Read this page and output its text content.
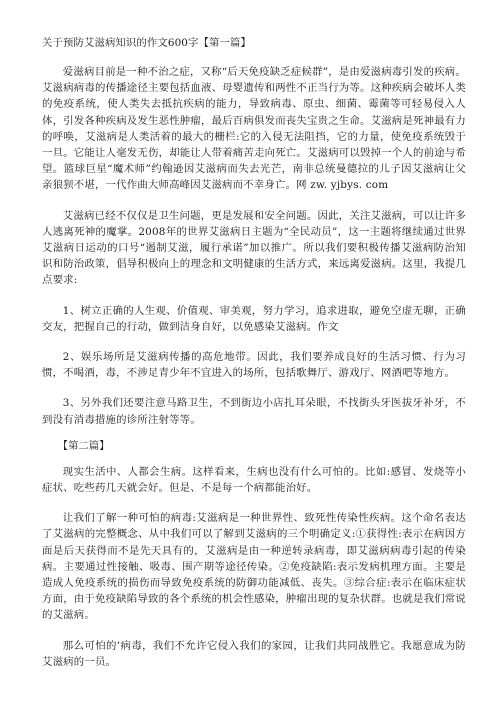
关于预防艾滋病知识的作文600字【第一篇】

爱滋病目前是一种不治之症，又称“后天免疫缺乏症候群”，是由爱滋病毒引发的疾病。艾滋病病毒的传播途径主要包括血液、母婴遗传和两性不正当行为等。这种疾病会破坏人类的免疫系统，使人类失去抵抗疾病的能力，导致病毒、原虫、细菌、霉菌等可轻易侵入人体，引发各种疾病及发生恶性肿瘤，最后百病俱发而丧失宝贵之生命。艾滋病是死神最有力的呼唤，艾滋病是人类活着的最大的栅栏:它的入侵无法阻挡，它的力量，使免疫系统毁于一旦。它能让人毫发无伤，却能让人带着痛苦走向死亡。艾滋病可以毁掉一个人的前途与希望。篮球巨星“魔术师”约翰逊因艾滋病而失去光芒，南非总统曼德拉的儿子因艾滋病让父亲狼狈不堪，一代作曲大师高峰因艾滋病而不幸身亡。网 zw. yjbys. com

艾滋病已经不仅仅是卫生问题，更是发展和安全问题。因此，关注艾滋病，可以让许多人逃离死神的魔掌。2008年的世界艾滋病日主题为“全民动员”，这一主题将继续通过世界艾滋病日运动的口号“遏制艾滋，履行承诺”加以推广。所以我们要积极传播艾滋病防治知识和防治政策，倡导积极向上的理念和文明健康的生活方式，来远离爱滋病。这里，我提几点要求:

1、树立正确的人生观、价值观、审美观，努力学习，追求进取，避免空虚无聊，正确交友，把握自己的行动，做到洁身自好，以免感染艾滋病。作文

2、娱乐场所是艾滋病传播的高危地带。因此，我们要养成良好的生活习惯、行为习惯，不喝酒，毒，不涉足青少年不宜进入的场所，包括歌舞厅、游戏厅、网酒吧等地方。

3、另外我们还要注意马路卫生，不到街边小店扎耳朵眼，不找街头牙医拔牙补牙，不到没有消毒措施的诊所注射等等。

【第二篇】

现实生活中、人都会生病。这样看来，生病也没有什么可怕的。比如:感冒、发烧等小症状、吃些药几天就会好。但是、不是每一个病都能治好。

让我们了解一种可怕的病毒:艾滋病是一种世界性、致死性传染性疾病。这个命名表达了艾滋病的完整概念、从中我们可以了解到艾滋病的三个明确定义:①获得性:表示在病因方面是后天获得而不是先天具有的，艾滋病是由一种逆转录病毒，即艾滋病病毒引起的传染病。主要通过性接触、吸毒、围产期等途径传染。②免疫缺陷:表示发病机理方面。主要是造成人免疫系统的损伤而导致免疫系统的防御功能减低、丧失。③综合症:表示在临床症状方面，由于免疫缺陷导致的各个系统的机会性感染，肿瘤出现的复杂状群。也就是我们常说的艾滋病。

那么可怕的’病毒，我们不允许它侵入我们的家园，让我们共同战胜它。我愿意成为防艾滋病的一员。
